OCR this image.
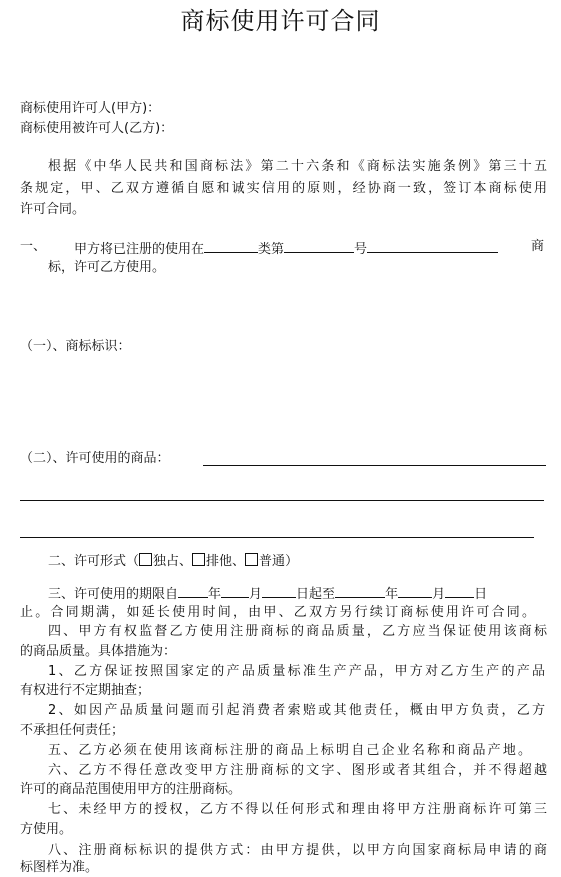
商标使用许可合同
商标使用许可人(甲方)：
商标使用被许可人(乙方)：
根据《中华人民共和国商标法》第二十六条和《商标法实施条例》第三十五
条规定，甲、乙双方遵循自愿和诚实信用的原则，经协商一致，签订本商标使用
许可合同。
一、 甲方将已注册的使用在	类第	号	商
标，许可乙方使用。
（一）、商标标识：
（二）、许可使用的商品：
二、许可形式（ 独占、 排他、 普通）
三、许可使用的期限自 年 月	日起至	年	月 日
止。合同期满，如延长使用时间，由甲、乙双方另行续订商标使用许可合同。
四、甲方有权监督乙方使用注册商标的商品质量，乙方应当保证使用该商标
的商品质量。具体措施为：
1、乙方保证按照国家定的产品质量标准生产产品，甲方对乙方生产的产品
有权进行不定期抽查；
2、如因产品质量问题而引起消费者索赔或其他责任，概由甲方负责，乙方
不承担任何责任；
五、乙方必须在使用该商标注册的商品上标明自己企业名称和商品产地。
六、乙方不得任意改变甲方注册商标的文字、图形或者其组合，并不得超越
许可的商品范围使用甲方的注册商标。
七、未经甲方的授权，乙方不得以任何形式和理由将甲方注册商标许可第三
方使用。
八、注册商标标识的提供方式：由甲方提供，以甲方向国家商标局申请的商
标图样为准。
